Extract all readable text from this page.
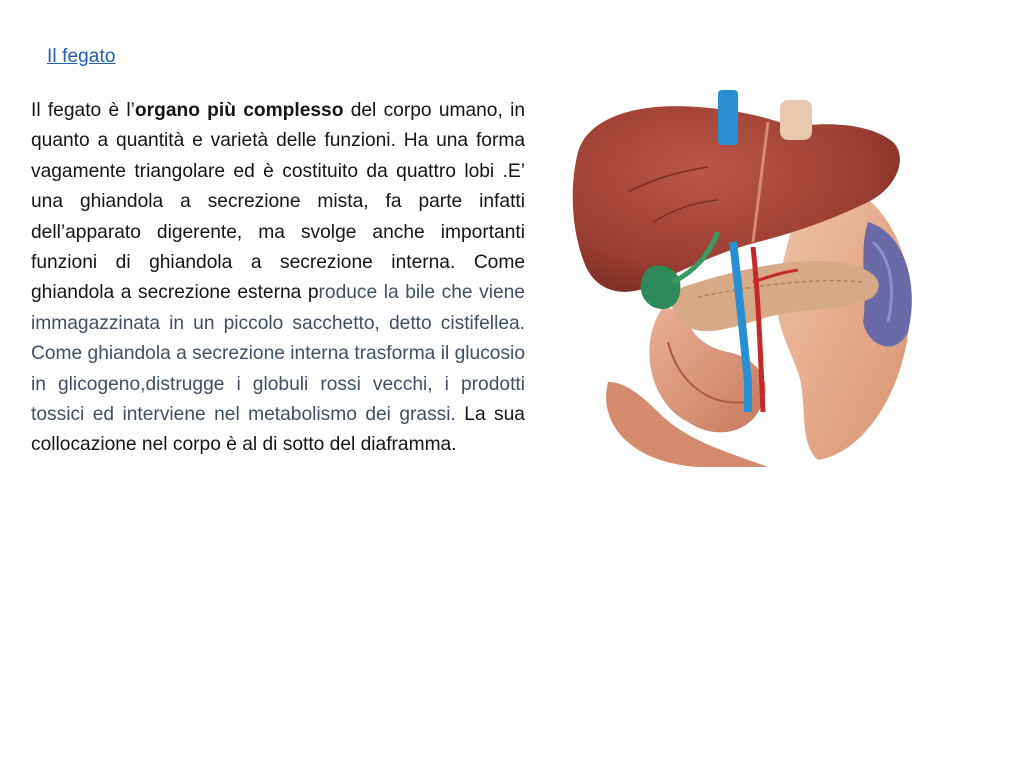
Il fegato

Il fegato è l’organo più complesso del corpo umano, in quanto a quantità e varietà delle funzioni. Ha una forma vagamente triangolare ed è costituito da quattro lobi .E’ una ghiandola a secrezione mista, fa parte infatti dell’apparato digerente, ma svolge anche importanti funzioni di ghiandola a secrezione interna. Come ghiandola a secrezione esterna produce la bile che viene immagazzinata in un piccolo sacchetto, detto cistifellea. Come ghiandola a secrezione interna trasforma il glucosio in glicogeno,distrugge i globuli rossi vecchi, i prodotti tossici ed interviene nel metabolismo dei grassi. La sua collocazione nel corpo è al di sotto del diaframma.
